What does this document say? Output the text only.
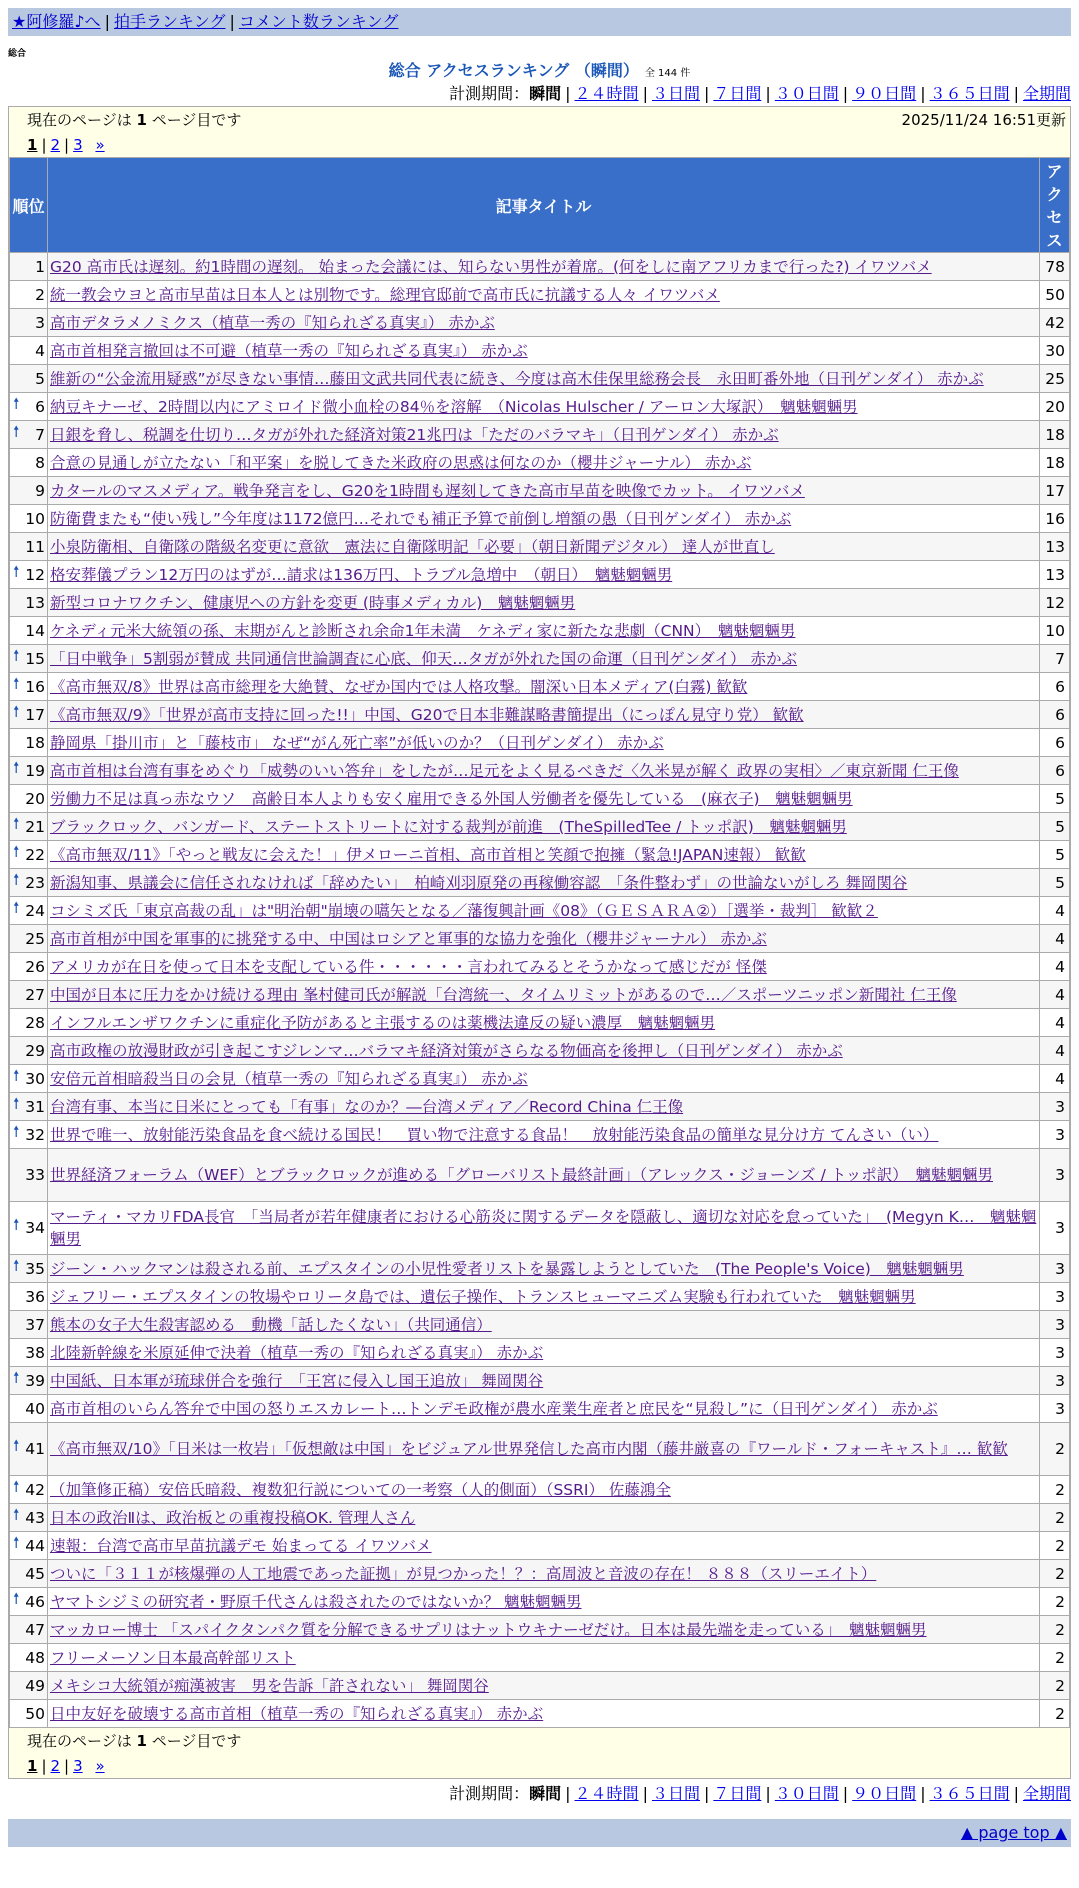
★阿修羅♪へ | 拍手ランキング | コメント数ランキング
総合
総合 アクセスランキング （瞬間） 全 144 件
計測期間：瞬間 | ２４時間 | ３日間 | ７日間 | ３０日間 | ９０日間 | ３６５日間 | 全期間
現在のページは 1 ページ目です	2025/11/24 16:51更新
1 | 2 | 3 »
順位	記事タイトル	アクセス
1	G20 高市氏は遅刻。約1時間の遅刻。 始まった会議には、知らない男性が着席。(何をしに南アフリカまで行った?) イワツバメ	78
2	統一教会ウヨと高市早苗は日本人とは別物です。総理官邸前で高市氏に抗議する人々 イワツバメ	50
3	高市デタラメノミクス（植草一秀の『知られざる真実』） 赤かぶ	42
4	高市首相発言撤回は不可避（植草一秀の『知られざる真実』） 赤かぶ	30
5	維新の“公金流用疑惑”が尽きない事情…藤田文武共同代表に続き、今度は高木佳保里総務会長　永田町番外地（日刊ゲンダイ） 赤かぶ	25

🠕 6	納豆キナーゼ、2時間以内にアミロイド微小血栓の84％を溶解　（Nicolas Hulscher / アーロン大塚訳）　魑魅魍魎男	20

🠕 7	日銀を脅し、税調を仕切り…タガが外れた経済対策21兆円は「ただのバラマキ」（日刊ゲンダイ） 赤かぶ	18
8	合意の見通しが立たない「和平案」を脱してきた米政府の思惑は何なのか（櫻井ジャーナル） 赤かぶ	18
9	カタールのマスメディア。戦争発言をし、G20を1時間も遅刻してきた高市早苗を映像でカット。 イワツバメ	17
10	防衛費またも“使い残し”今年度は1172億円…それでも補正予算で前倒し増額の愚（日刊ゲンダイ） 赤かぶ	16
11	小泉防衛相、自衛隊の階級名変更に意欲　憲法に自衛隊明記「必要」（朝日新聞デジタル） 達人が世直し	13

🠕 12	格安葬儀プラン12万円のはずが…請求は136万円、トラブル急増中　（朝日）　魑魅魍魎男	13
13	新型コロナワクチン、健康児への方針を変更 (時事メディカル)　魑魅魍魎男	12
14	ケネディ元米大統領の孫、末期がんと診断され余命1年未満　ケネディ家に新たな悲劇（CNN）　魑魅魍魎男	10

🠕 15	「日中戦争」5割弱が賛成 共同通信世論調査に心底、仰天…タガが外れた国の命運（日刊ゲンダイ） 赤かぶ	7

🠕 16	《高市無双/8》世界は高市総理を大絶賛、なぜか国内では人格攻撃。闇深い日本メディア(白霧) 歓歓	6

🠕 17	《高市無双/9》「世界が高市支持に回った!!」中国、G20で日本非難謀略書簡提出（にっぽん見守り党） 歓歓	6
18	静岡県「掛川市」と「藤枝市」 なぜ“がん死亡率”が低いのか？（日刊ゲンダイ） 赤かぶ	6

🠕 19	高市首相は台湾有事をめぐり「威勢のいい答弁」をしたが…足元をよく見るべきだ〈久米晃が解く 政界の実相〉／東京新聞 仁王像	6
20	労働力不足は真っ赤なウソ　高齢日本人よりも安く雇用できる外国人労働者を優先している　(麻衣子)　魑魅魍魎男	5

🠕 21	ブラックロック、バンガード、ステートストリートに対する裁判が前進　(TheSpilledTee / トッポ訳)　魑魅魍魎男	5

🠕 22	《高市無双/11》「やっと戦友に会えた！」伊メローニ首相、高市首相と笑顔で抱擁（緊急!JAPAN速報） 歓歓	5

🠕 23	新潟知事、県議会に信任されなければ「辞めたい」　柏崎刈羽原発の再稼働容認　「条件整わず」の世論ないがしろ 舞岡関谷	5

🠕 24	コシミズ氏「東京高裁の乱」は"明治朝"崩壊の嚆矢となる／藩復興計画《08》（ＧＥＳＡＲＡ②）［選挙・裁判］ 歓歓２	4
25	高市首相が中国を軍事的に挑発する中、中国はロシアと軍事的な協力を強化（櫻井ジャーナル） 赤かぶ	4
26	アメリカが在日を使って日本を支配している件・・・・・・言われてみるとそうかなって感じだが 怪傑	4
27	中国が日本に圧力をかけ続ける理由 峯村健司氏が解説「台湾統一、タイムリミットがあるので…／スポーツニッポン新聞社 仁王像	4
28	インフルエンザワクチンに重症化予防があると主張するのは薬機法違反の疑い濃厚　魑魅魍魎男	4
29	高市政権の放漫財政が引き起こすジレンマ…バラマキ経済対策がさらなる物価高を後押し（日刊ゲンダイ） 赤かぶ	4

🠕 30	安倍元首相暗殺当日の会見（植草一秀の『知られざる真実』） 赤かぶ	4

🠕 31	台湾有事、本当に日米にとっても「有事」なのか？―台湾メディア／Record China 仁王像	3

🠕 32	世界で唯一、放射能汚染食品を食べ続ける国民！　買い物で注意する食品！　放射能汚染食品の簡単な見分け方 てんさい（い）	3
33	世界経済フォーラム（WEF）とブラックロックが進める「グローバリスト最終計画」（アレックス・ジョーンズ / トッポ訳）　魑魅魍魎男	3

🠕 34	マーティ・マカリFDA長官　「当局者が若年健康者における心筋炎に関するデータを隠蔽し、適切な対応を怠っていた」　(Megyn K…　魑魅魍魎男	3

🠕 35	ジーン・ハックマンは殺される前、エプスタインの小児性愛者リストを暴露しようとしていた　(The People's Voice)　魑魅魍魎男	3
36	ジェフリー・エプスタインの牧場やロリータ島では、遺伝子操作、トランスヒューマニズム実験も行われていた　魑魅魍魎男	3
37	熊本の女子大生殺害認める　動機「話したくない」（共同通信）	3
38	北陸新幹線を米原延伸で決着（植草一秀の『知られざる真実』） 赤かぶ	3

🠕 39	中国紙、日本軍が琉球併合を強行　「王宮に侵入し国王追放」 舞岡関谷	3
40	高市首相のいらん答弁で中国の怒りエスカレート…トンデモ政権が農水産業生産者と庶民を“見殺し”に（日刊ゲンダイ） 赤かぶ	3

🠕 41	《高市無双/10》「日米は一枚岩」「仮想敵は中国」をビジュアル世界発信した高市内閣（藤井厳喜の『ワールド・フォーキャスト』… 歓歓	2

🠕 42	（加筆修正稿）安倍氏暗殺、複数犯行説についての一考察（人的側面）（SSRI） 佐藤鴻全	2

🠕 43	日本の政治Ⅱは、政治板との重複投稿OK. 管理人さん	2

🠕 44	速報：台湾で高市早苗抗議デモ 始まってる イワツバメ	2
45	ついに「３１１が核爆弾の人工地震であった証拠」が見つかった！？：高周波と音波の存在！ ８８８（スリーエイト）	2

🠕 46	ヤマトシジミの研究者・野原千代さんは殺されたのではないか？ 魑魅魍魎男	2
47	マッカロー博士 「スパイクタンパク質を分解できるサプリはナットウキナーゼだけ。日本は最先端を走っている」　魑魅魍魎男	2
48	フリーメーソン日本最高幹部リスト	2
49	メキシコ大統領が痴漢被害　男を告訴「許されない」 舞岡関谷	2
50	日中友好を破壊する高市首相（植草一秀の『知られざる真実』） 赤かぶ	2
現在のページは 1 ページ目です
1 | 2 | 3 »
計測期間：瞬間 | ２４時間 | ３日間 | ７日間 | ３０日間 | ９０日間 | ３６５日間 | 全期間
▲ page top ▲
